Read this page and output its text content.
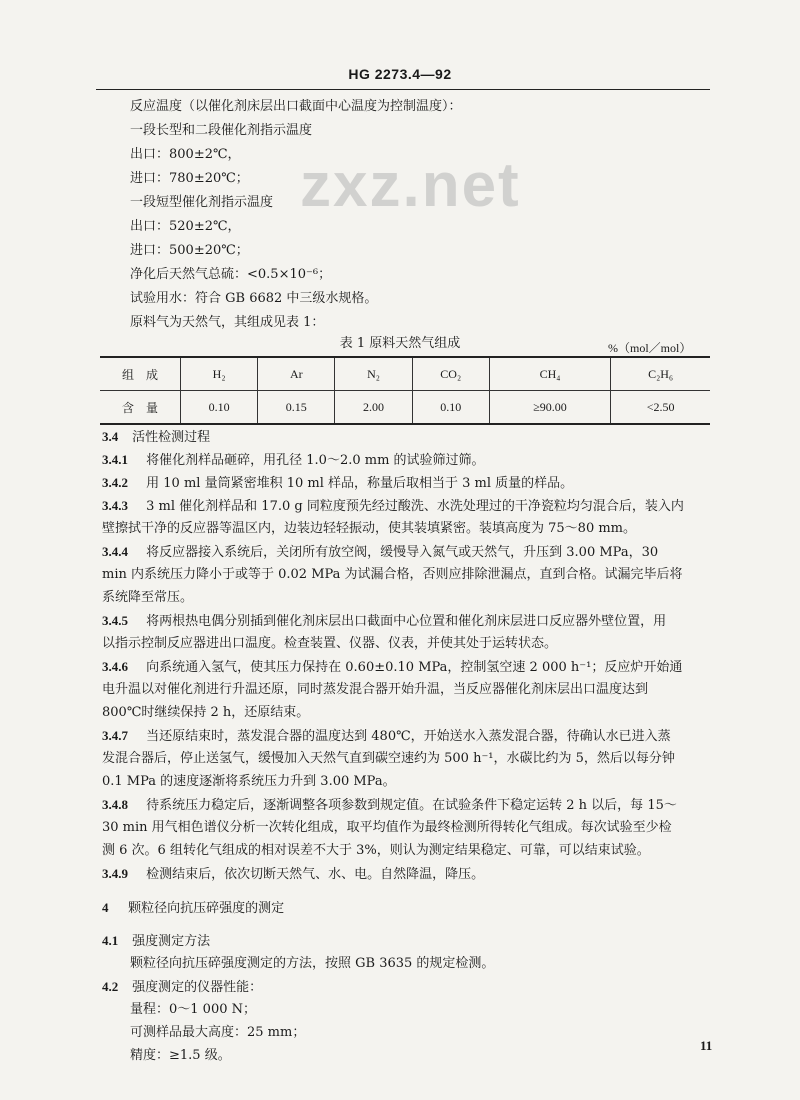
HG 2273.4—92
zxz.net
反应温度（以催化剂床层出口截面中心温度为控制温度）：
一段长型和二段催化剂指示温度
出口：800±2℃，
进口：780±20℃；
一段短型催化剂指示温度
出口：520±2℃，
进口：500±20℃；
净化后天然气总硫：<0.5×10⁻⁶；
试验用水：符合 GB 6682 中三级水规格。
原料气为天然气，其组成见表 1：
表 1 原料天然气组成	%（mol／mol）
组　成	H₂	Ar	N₂	CO₂	CH₄	C₂H₆
含　量	0.10	0.15	2.00	0.10	≥90.00	<2.50
3.4 活性检测过程
3.4.1 将催化剂样品砸碎，用孔径 1.0～2.0 mm 的试验筛过筛。
3.4.2 用 10 ml 量筒紧密堆积 10 ml 样品，称量后取相当于 3 ml 质量的样品。
3.4.3 3 ml 催化剂样品和 17.0 g 同粒度预先经过酸洗、水洗处理过的干净瓷粒均匀混合后，装入内
壁擦拭干净的反应器等温区内，边装边轻轻振动，使其装填紧密。装填高度为 75～80 mm。
3.4.4 将反应器接入系统后，关闭所有放空阀，缓慢导入氮气或天然气，升压到 3.00 MPa，30
min 内系统压力降小于或等于 0.02 MPa 为试漏合格，否则应排除泄漏点，直到合格。试漏完毕后将
系统降至常压。
3.4.5 将两根热电偶分别插到催化剂床层出口截面中心位置和催化剂床层进口反应器外壁位置，用
以指示控制反应器进出口温度。检查装置、仪器、仪表，并使其处于运转状态。
3.4.6 向系统通入氢气，使其压力保持在 0.60±0.10 MPa，控制氢空速 2 000 h⁻¹；反应炉开始通
电升温以对催化剂进行升温还原，同时蒸发混合器开始升温，当反应器催化剂床层出口温度达到
800℃时继续保持 2 h，还原结束。
3.4.7 当还原结束时，蒸发混合器的温度达到 480℃，开始送水入蒸发混合器，待确认水已进入蒸
发混合器后，停止送氢气，缓慢加入天然气直到碳空速约为 500 h⁻¹，水碳比约为 5，然后以每分钟
0.1 MPa 的速度逐渐将系统压力升到 3.00 MPa。
3.4.8 待系统压力稳定后，逐渐调整各项参数到规定值。在试验条件下稳定运转 2 h 以后，每 15～
30 min 用气相色谱仪分析一次转化组成，取平均值作为最终检测所得转化气组成。每次试验至少检
测 6 次。6 组转化气组成的相对误差不大于 3%，则认为测定结果稳定、可靠，可以结束试验。
3.4.9 检测结束后，依次切断天然气、水、电。自然降温，降压。
4 颗粒径向抗压碎强度的测定
4.1 强度测定方法
颗粒径向抗压碎强度测定的方法，按照 GB 3635 的规定检测。
4.2 强度测定的仪器性能：
量程：0～1 000 N；
可测样品最大高度：25 mm；
精度：≥1.5 级。
11
